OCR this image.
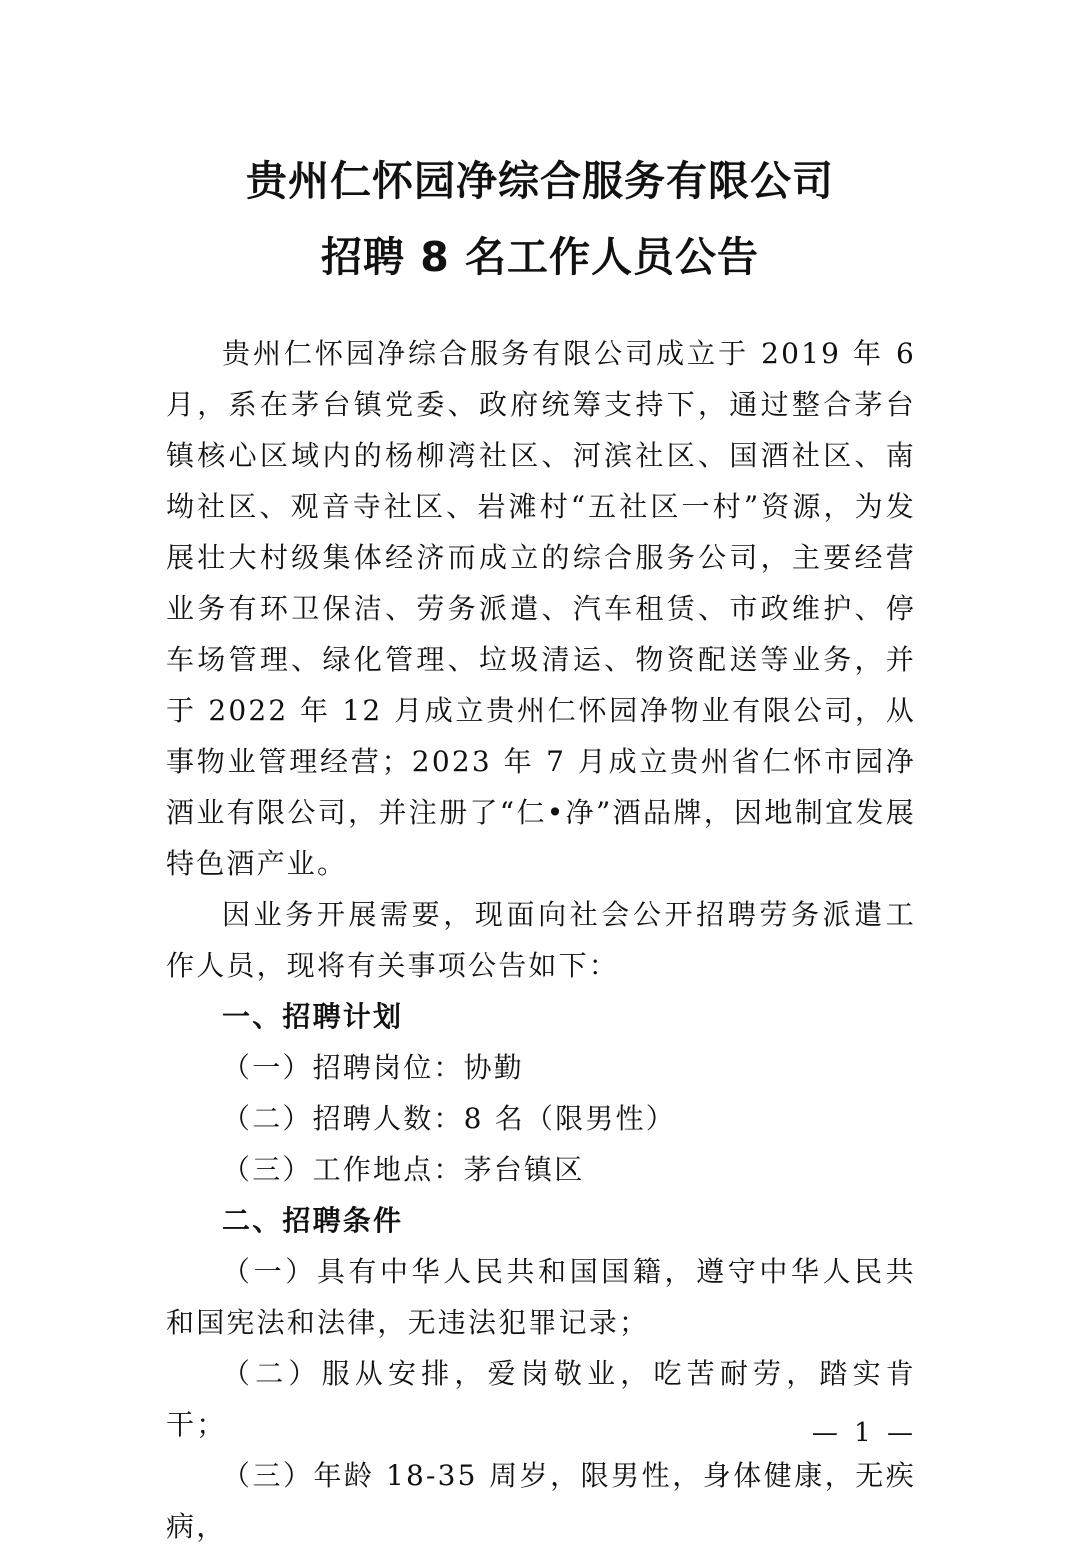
贵州仁怀园净综合服务有限公司
招聘 8 名工作人员公告

贵州仁怀园净综合服务有限公司成立于 2019 年 6 月，系在茅台镇党委、政府统筹支持下，通过整合茅台镇核心区域内的杨柳湾社区、河滨社区、国酒社区、南坳社区、观音寺社区、岩滩村“五社区一村”资源，为发展壮大村级集体经济而成立的综合服务公司，主要经营业务有环卫保洁、劳务派遣、汽车租赁、市政维护、停车场管理、绿化管理、垃圾清运、物资配送等业务，并于 2022 年 12 月成立贵州仁怀园净物业有限公司，从事物业管理经营；2023 年 7 月成立贵州省仁怀市园净酒业有限公司，并注册了“仁•净”酒品牌，因地制宜发展特色酒产业。

因业务开展需要，现面向社会公开招聘劳务派遣工作人员，现将有关事项公告如下：

一、招聘计划

（一）招聘岗位：协勤

（二）招聘人数：8 名（限男性）

（三）工作地点：茅台镇区

二、招聘条件

（一）具有中华人民共和国国籍，遵守中华人民共和国宪法和法律，无违法犯罪记录；

（二）服从安排，爱岗敬业，吃苦耐劳，踏实肯干；

（三）年龄 18-35 周岁，限男性，身体健康，无疾病，

— 1 —
